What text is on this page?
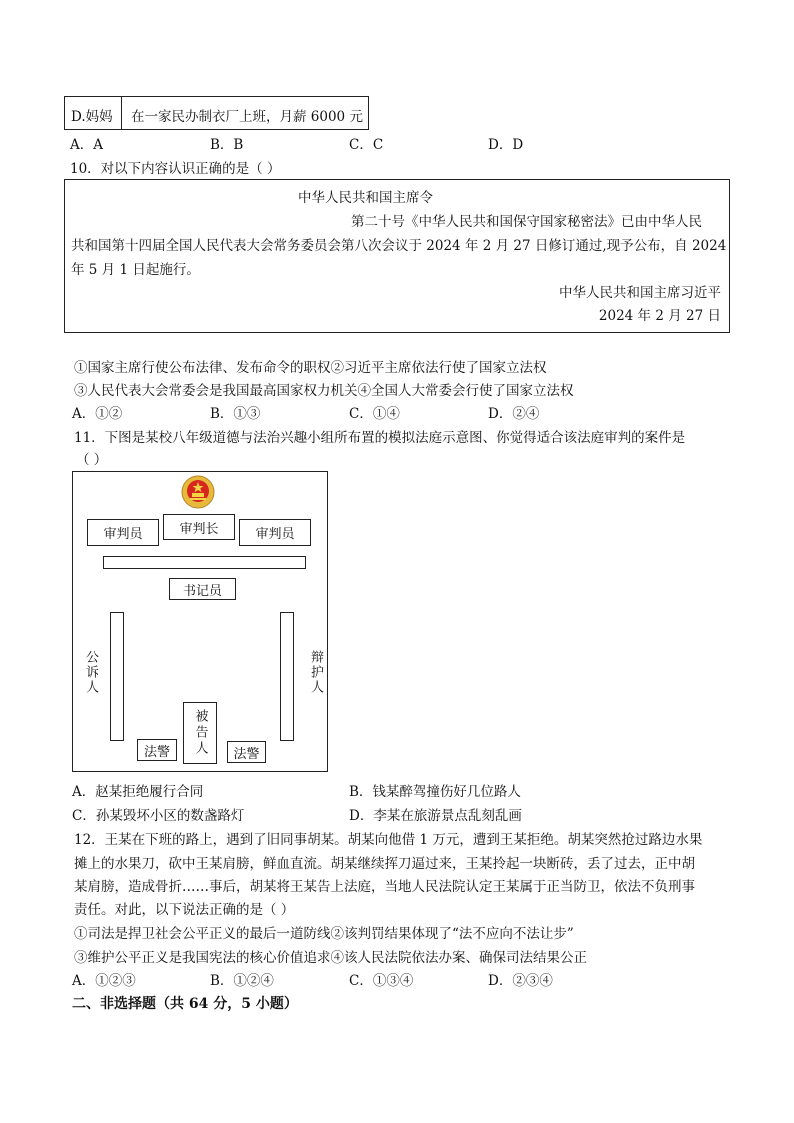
D.妈妈 在一家民办制衣厂上班，月薪 6000 元
A．A	B．B	C．C	D．D
10．对以下内容认识正确的是（ ）
中华人民共和国主席令
第二十号《中华人民共和国保守国家秘密法》已由中华人民
共和国第十四届全国人民代表大会常务委员会第八次会议于 2024 年 2 月 27 日修订通过,现予公布，自 2024
年 5 月 1 日起施行。
中华人民共和国主席习近平
2024 年 2 月 27 日
①国家主席行使公布法律、发布命令的职权②习近平主席依法行使了国家立法权
③人民代表大会常委会是我国最高国家权力机关④全国人大常委会行使了国家立法权
A．①②	B．①③	C．①④	D．②④
11．下图是某校八年级道德与法治兴趣小组所布置的模拟法庭示意图、你觉得适合该法庭审判的案件是
（ ）
审判长
审判员	审判员
书记员
公诉人	辩护人
被告人
法警	法警
A．赵某拒绝履行合同	B．钱某醉驾撞伤好几位路人
C．孙某毁坏小区的数盏路灯	D．李某在旅游景点乱刻乱画
12．王某在下班的路上，遇到了旧同事胡某。胡某向他借 1 万元，遭到王某拒绝。胡某突然抢过路边水果
摊上的水果刀，砍中王某肩膀，鲜血直流。胡某继续挥刀逼过来，王某拎起一块断砖，丢了过去，正中胡
某肩膀，造成骨折……事后，胡某将王某告上法庭，当地人民法院认定王某属于正当防卫，依法不负刑事
责任。对此，以下说法正确的是（ ）
①司法是捍卫社会公平正义的最后一道防线②该判罚结果体现了“法不应向不法让步”
③维护公平正义是我国宪法的核心价值追求④该人民法院依法办案、确保司法结果公正
A．①②③	B．①②④	C．①③④	D．②③④
二、非选择题（共 64 分，5 小题）
